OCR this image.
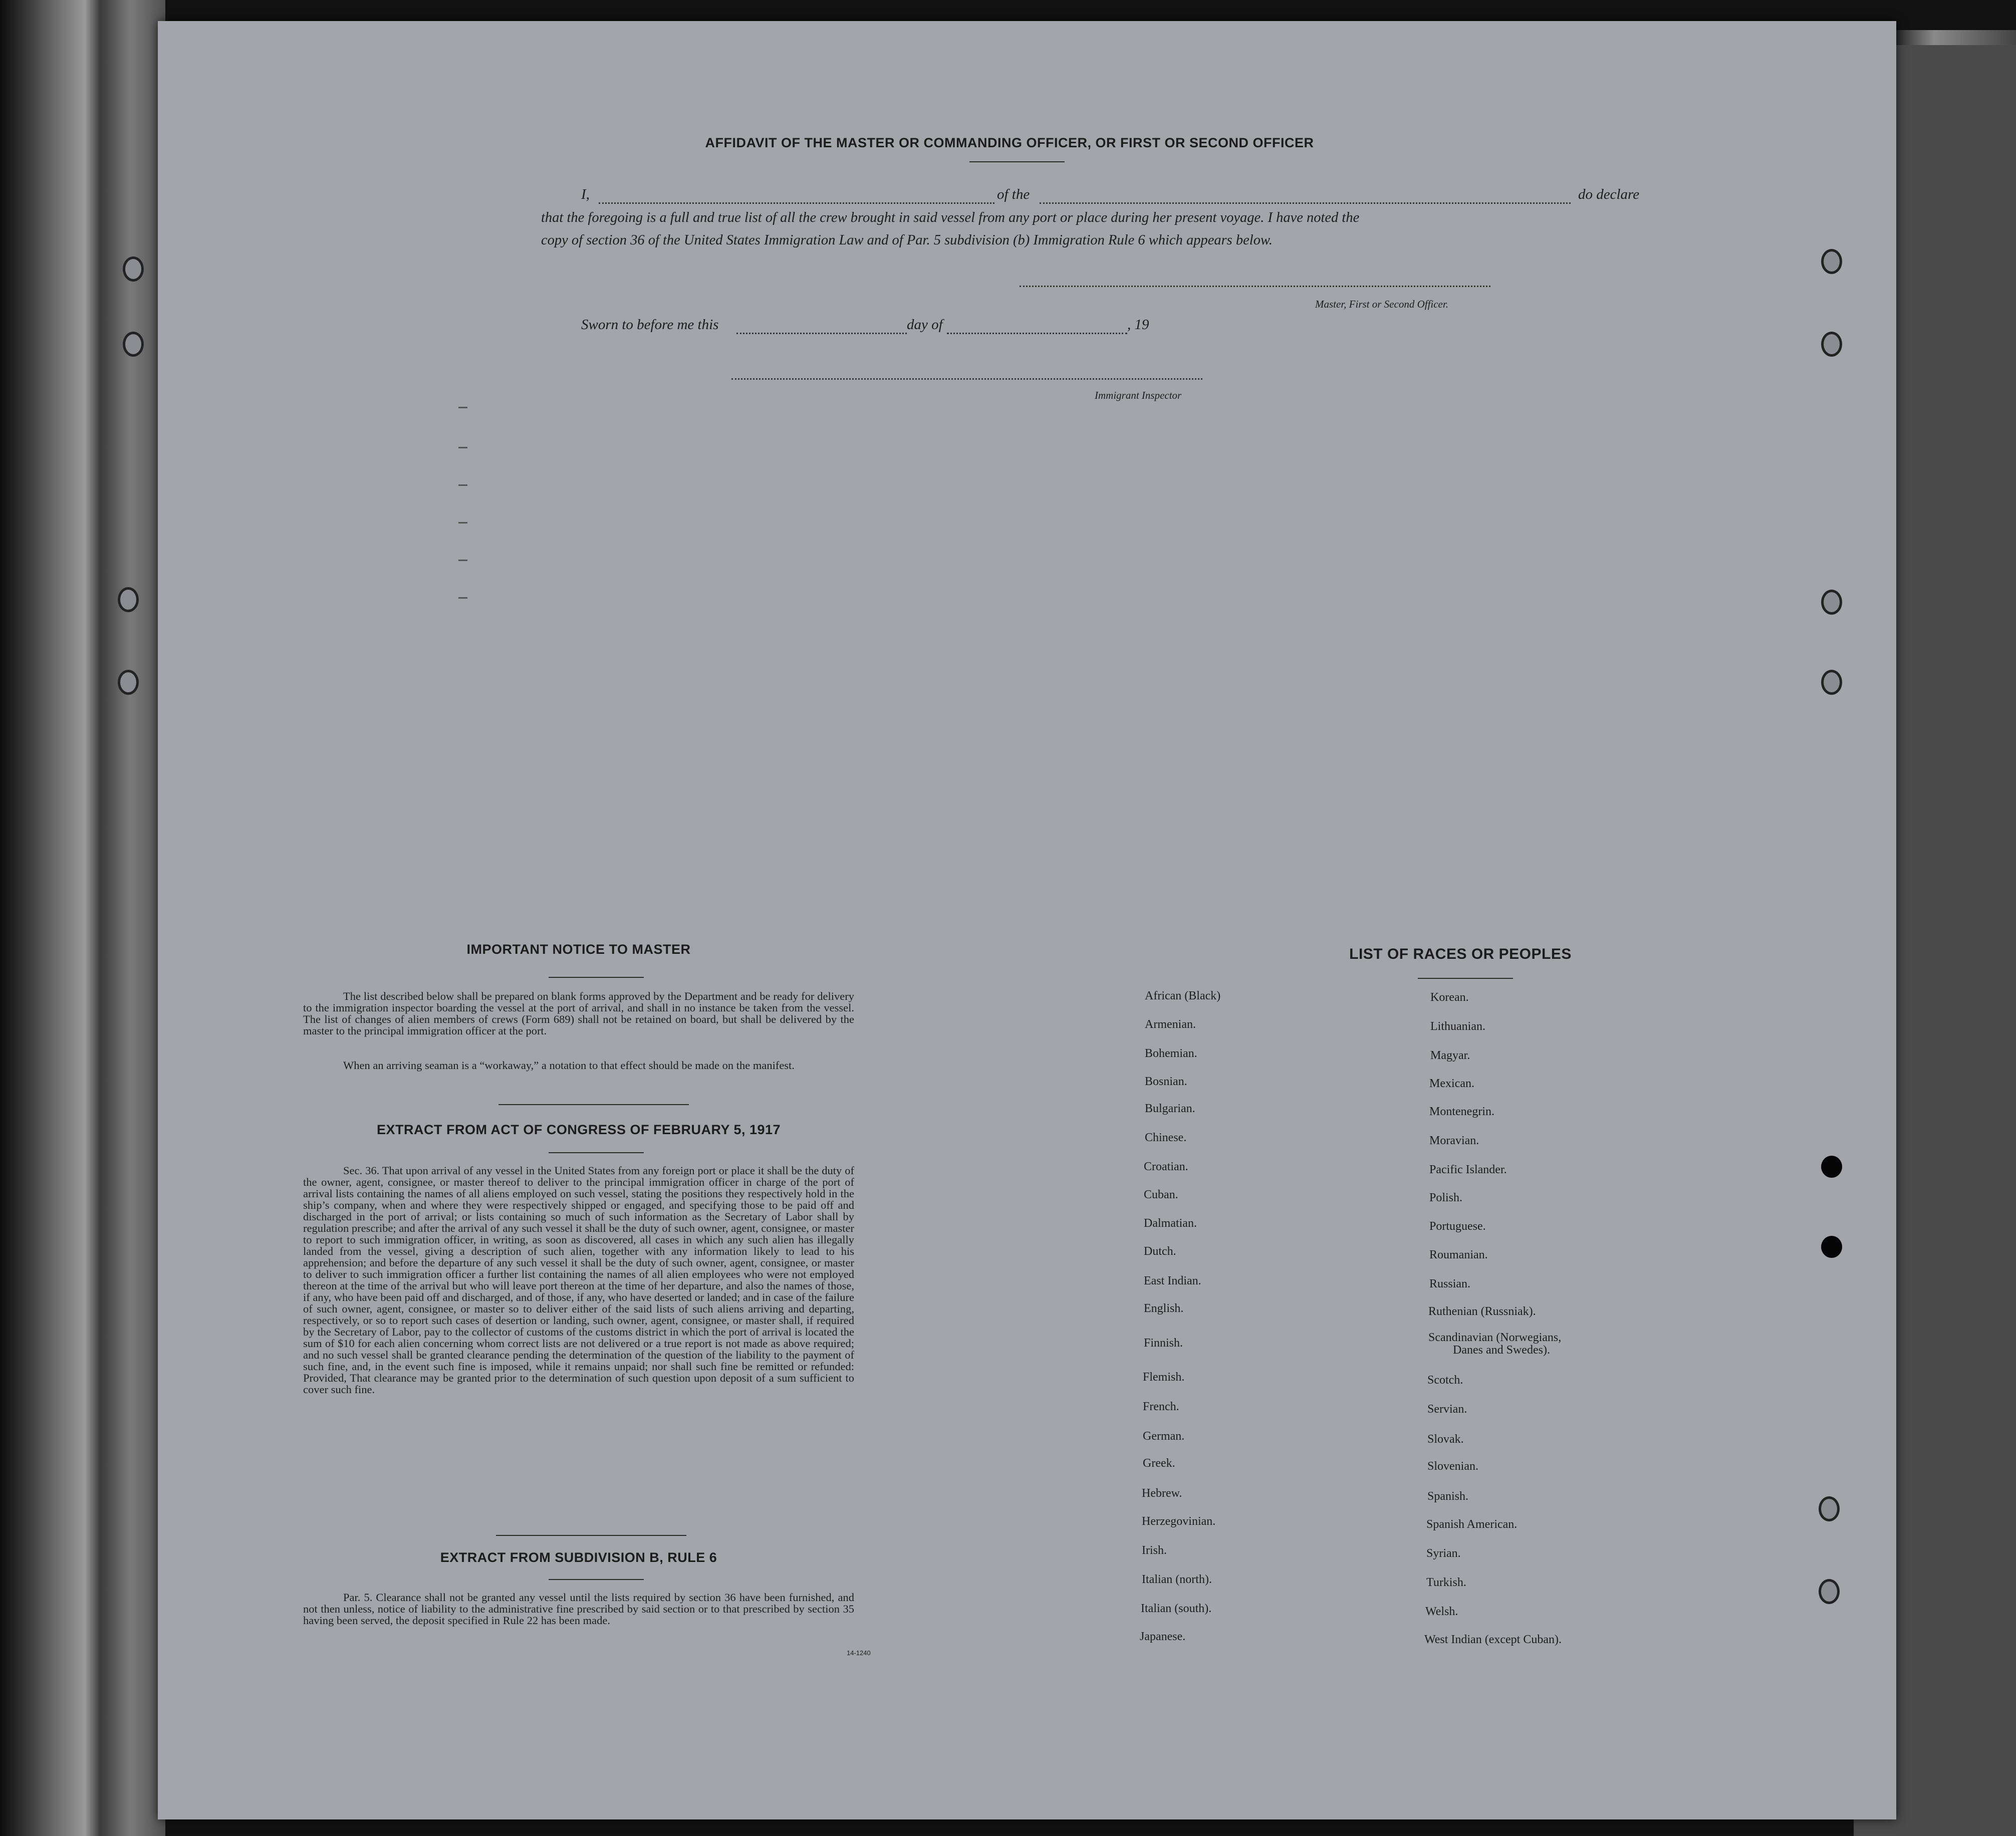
AFFIDAVIT OF THE MASTER OR COMMANDING OFFICER, OR FIRST OR SECOND OFFICER

I,	of the	do declare

that the foregoing is a full and true list of all the crew brought in said vessel from any port or place during her present voyage. I have noted the

copy of section 36 of the United States Immigration Law and of Par. 5 subdivision (b) Immigration Rule 6 which appears below.

Master, First or Second Officer.
Sworn to before me this	day of	, 19
Immigrant Inspector

IMPORTANT NOTICE TO MASTER

The list described below shall be prepared on blank forms approved by the Department and be ready for delivery to the immigration inspector boarding the vessel at the port of arrival, and shall in no instance be taken from the vessel. The list of changes of alien members of crews (Form 689) shall not be retained on board, but shall be delivered by the master to the principal immigration officer at the port.

When an arriving seaman is a “workaway,” a notation to that effect should be made on the manifest.

EXTRACT FROM ACT OF CONGRESS OF FEBRUARY 5, 1917

Sec. 36. That upon arrival of any vessel in the United States from any foreign port or place it shall be the duty of the owner, agent, consignee, or master thereof to deliver to the principal immigration officer in charge of the port of arrival lists containing the names of all aliens employed on such vessel, stating the positions they respectively hold in the ship’s company, when and where they were respectively shipped or engaged, and specifying those to be paid off and discharged in the port of arrival; or lists containing so much of such information as the Secretary of Labor shall by regulation prescribe; and after the arrival of any such vessel it shall be the duty of such owner, agent, consignee, or master to report to such immigration officer, in writing, as soon as discovered, all cases in which any such alien has illegally landed from the vessel, giving a description of such alien, together with any information likely to lead to his apprehension; and before the departure of any such vessel it shall be the duty of such owner, agent, consignee, or master to deliver to such immigration officer a further list containing the names of all alien employees who were not employed thereon at the time of the arrival but who will leave port thereon at the time of her departure, and also the names of those, if any, who have been paid off and discharged, and of those, if any, who have deserted or landed; and in case of the failure of such owner, agent, consignee, or master so to deliver either of the said lists of such aliens arriving and departing, respectively, or so to report such cases of desertion or landing, such owner, agent, consignee, or master shall, if required by the Secretary of Labor, pay to the collector of customs of the customs district in which the port of arrival is located the sum of $10 for each alien concerning whom correct lists are not delivered or a true report is not made as above required; and no such vessel shall be granted clearance pending the determination of the question of the liability to the payment of such fine, and, in the event such fine is imposed, while it remains unpaid; nor shall such fine be remitted or refunded: Provided, That clearance may be granted prior to the determination of such question upon deposit of a sum sufficient to cover such fine.

EXTRACT FROM SUBDIVISION B, RULE 6

Par. 5. Clearance shall not be granted any vessel until the lists required by section 36 have been furnished, and not then unless, notice of liability to the administrative fine prescribed by said section or to that prescribed by section 35 having been served, the deposit specified in Rule 22 has been made.

14-1240

LIST OF RACES OR PEOPLES

African (Black)
Armenian.
Bohemian.
Bosnian.
Bulgarian.
Chinese.
Croatian.
Cuban.
Dalmatian.
Dutch.
East Indian.
English.
Finnish.
Flemish.
French.
German.
Greek.
Hebrew.
Herzegovinian.
Irish.
Italian (north).
Italian (south).
Japanese.
Korean.
Lithuanian.
Magyar.
Mexican.
Montenegrin.
Moravian.
Pacific Islander.
Polish.
Portuguese.
Roumanian.
Russian.
Ruthenian (Russniak).
Scandinavian (Norwegians,
Danes and Swedes).
Scotch.
Servian.
Slovak.
Slovenian.
Spanish.
Spanish American.
Syrian.
Turkish.
Welsh.
West Indian (except Cuban).
